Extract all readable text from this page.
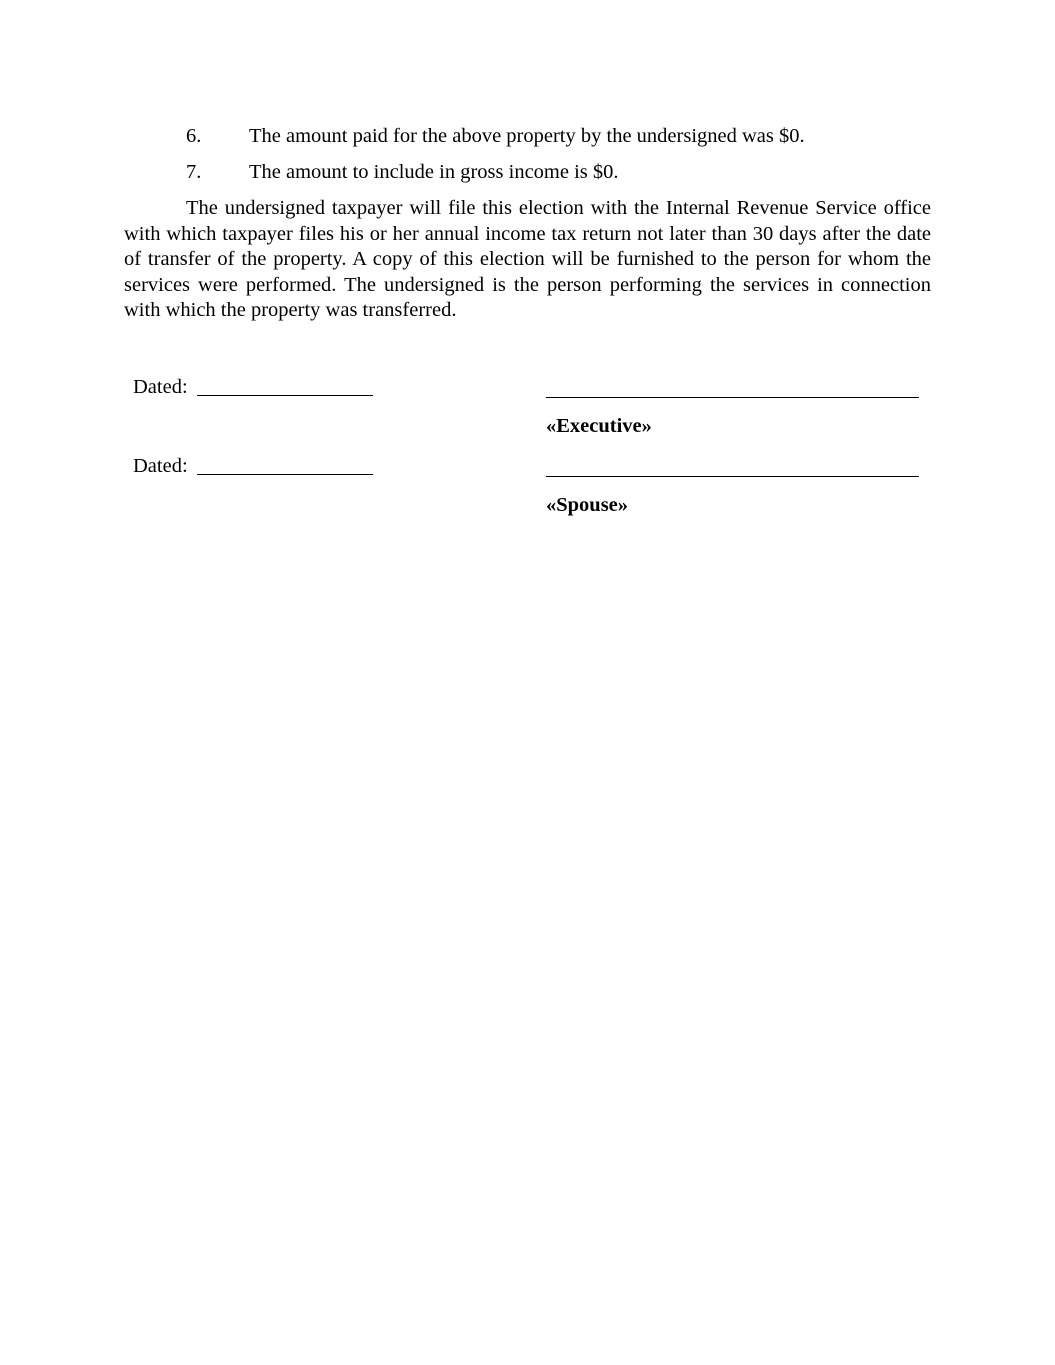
6. The amount paid for the above property by the undersigned was $0.
7. The amount to include in gross income is $0.

The undersigned taxpayer will file this election with the Internal Revenue Service office with which taxpayer files his or her annual income tax return not later than 30 days after the date of transfer of the property. A copy of this election will be furnished to the person for whom the services were performed. The undersigned is the person performing the services in connection with which the property was transferred.

Dated:
«Executive»
Dated:
«Spouse»
